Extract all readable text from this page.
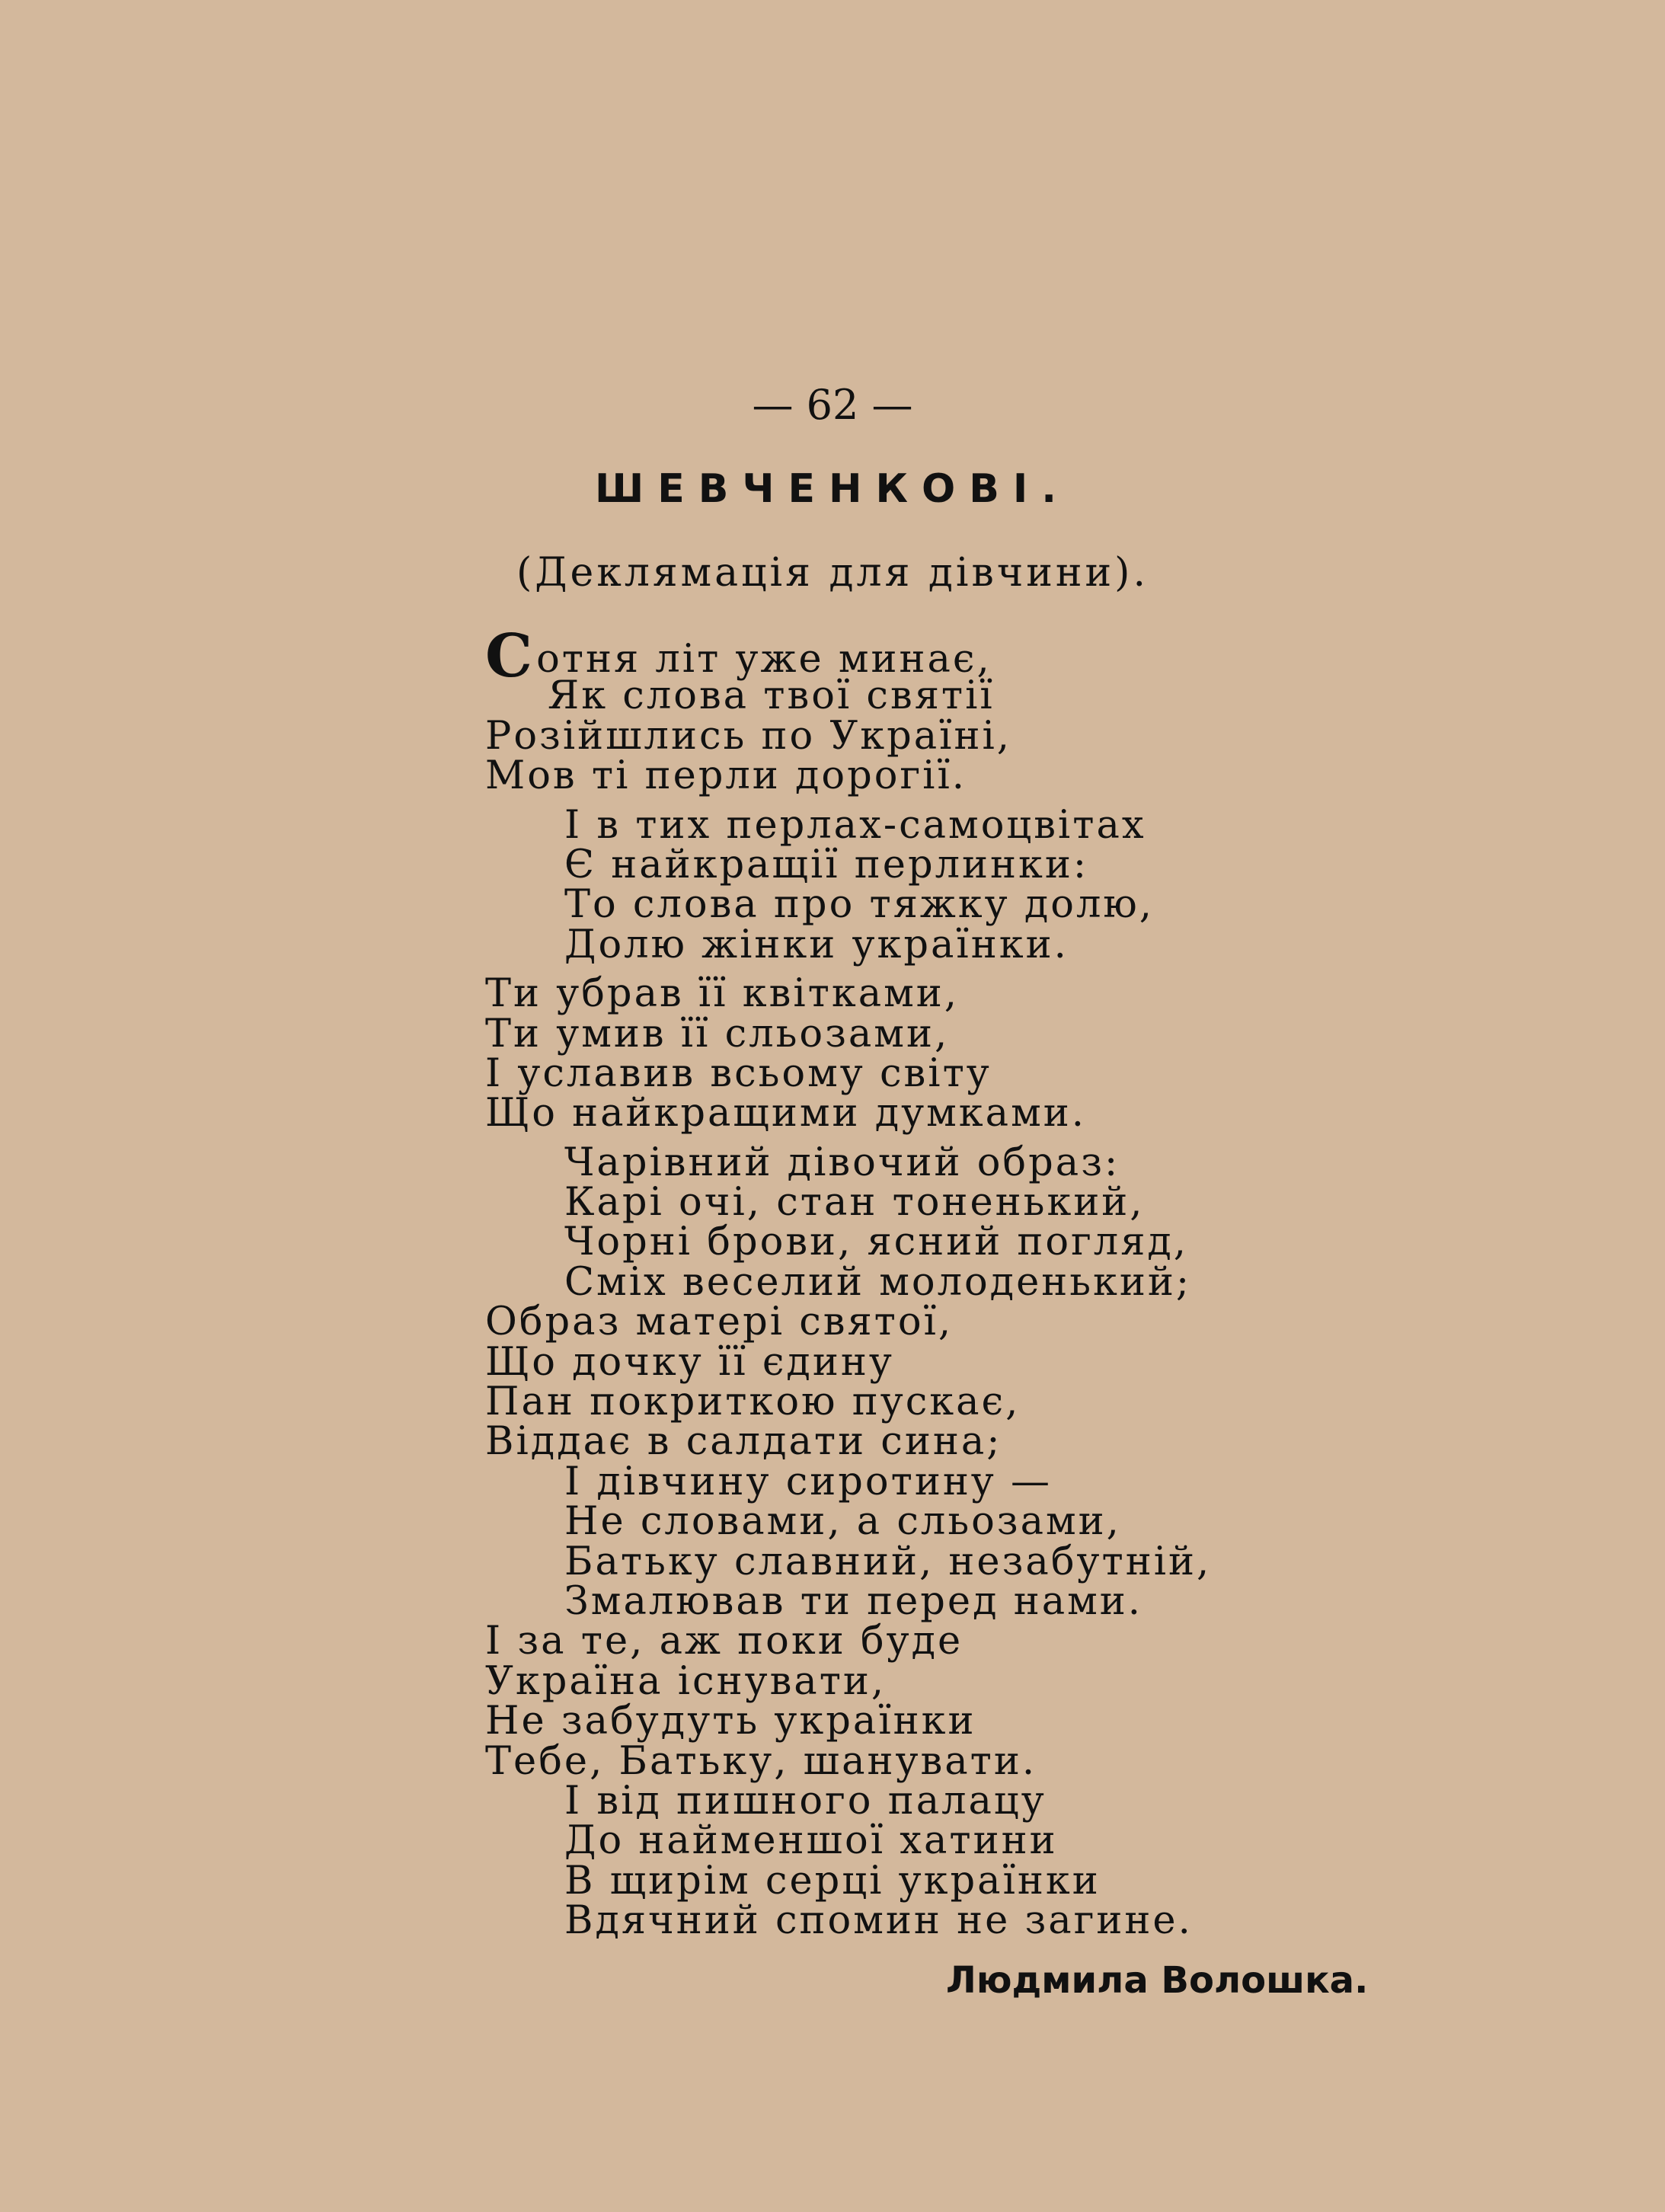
— 62 —
ШЕВЧЕНКОВІ.
(Деклямація для дівчини).
Сотня літ уже минає,
Як слова твої святії
Розійшлись по Україні,
Мов ті перли дорогії.
І в тих перлах-самоцвітах
Є найкращії перлинки:
То слова про тяжку долю,
Долю жінки українки.
Ти убрав її квітками,
Ти умив її сльозами,
І уславив всьому світу
Що найкращими думками.
Чарівний дівочий образ:
Карі очі, стан тоненький,
Чорні брови, ясний погляд,
Сміх веселий молоденький;
Образ матері святої,
Що дочку її єдину
Пан покриткою пускає,
Віддає в салдати сина;
І дівчину сиротину —
Не словами, а сльозами,
Батьку славний, незабутній,
Змалював ти перед нами.
І за те, аж поки буде
Україна існувати,
Не забудуть українки
Тебе, Батьку, шанувати.
І від пишного палацу
До найменшої хатини
В щирім серці українки
Вдячний спомин не загине.
Людмила Волошка.
